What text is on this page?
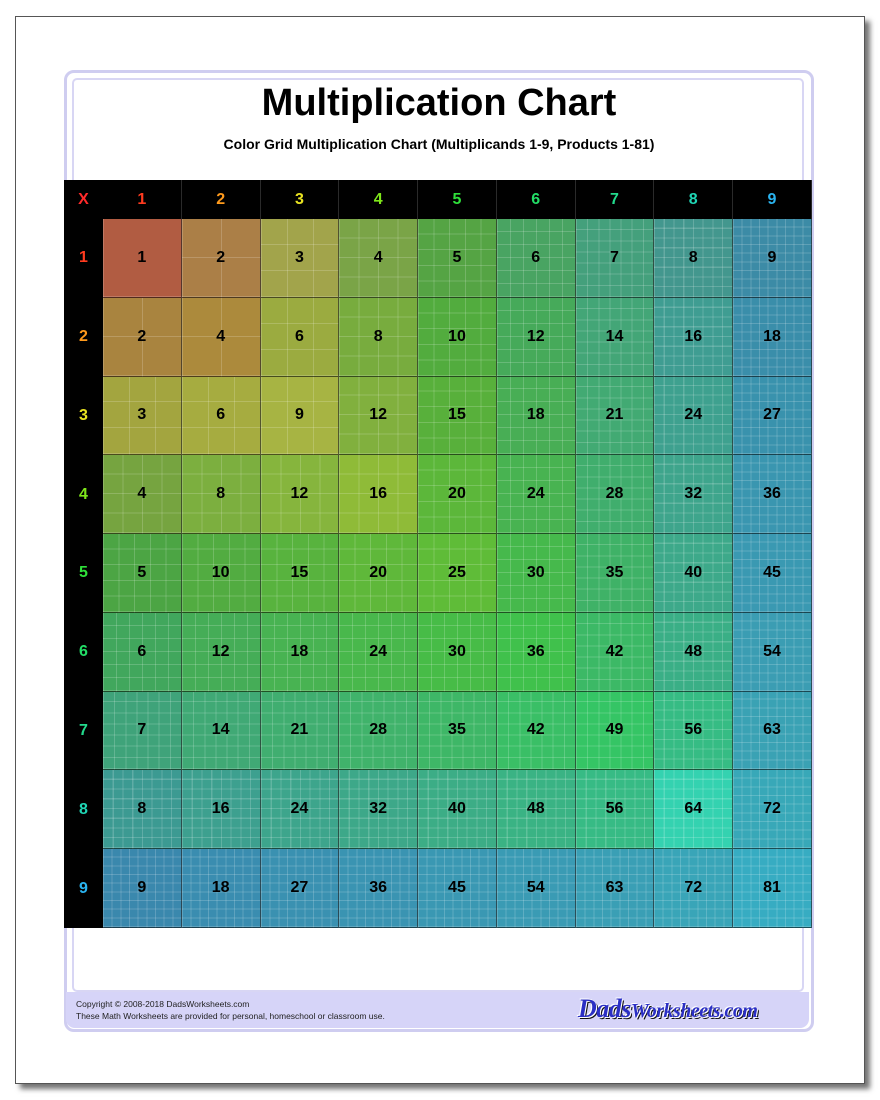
Multiplication Chart
Color Grid Multiplication Chart (Multiplicands 1-9, Products 1-81)
X	1	2	3	4	5	6	7	8	9
1	1	2	3	4	5	6	7	8	9
2	2	4	6	8	10	12	14	16	18
3	3	6	9	12	15	18	21	24	27
4	4	8	12	16	20	24	28	32	36
5	5	10	15	20	25	30	35	40	45
6	6	12	18	24	30	36	42	48	54
7	7	14	21	28	35	42	49	56	63
8	8	16	24	32	40	48	56	64	72
9	9	18	27	36	45	54	63	72	81
Copyright © 2008-2018 DadsWorksheets.com
These Math Worksheets are provided for personal, homeschool or classroom use.	DadsWorksheets.com
